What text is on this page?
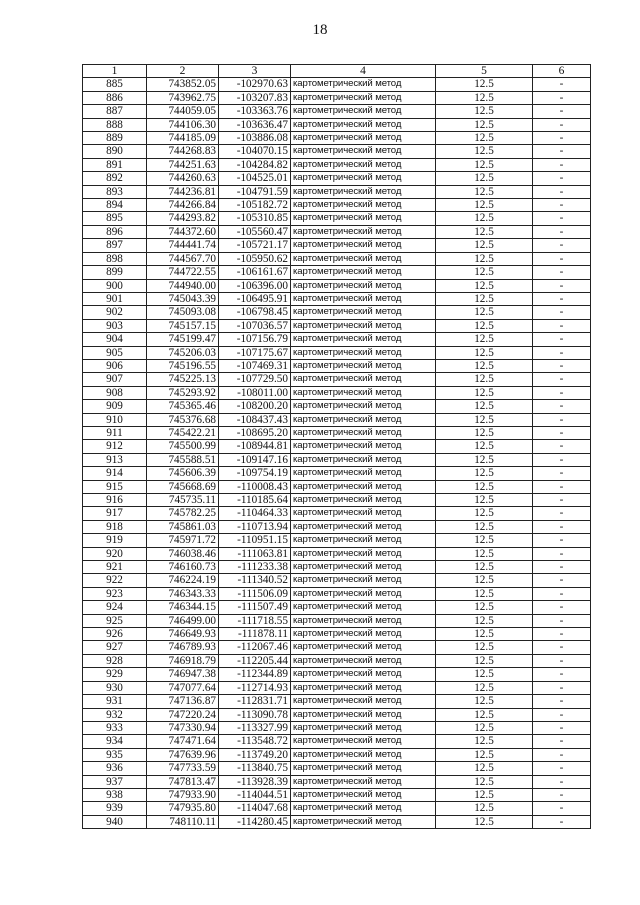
18
1	2	3	4	5	6
885	743852.05	-102970.63	картометрический метод	12.5	-
886	743962.75	-103207.83	картометрический метод	12.5	-
887	744059.05	-103363.76	картометрический метод	12.5	-
888	744106.30	-103636.47	картометрический метод	12.5	-
889	744185.09	-103886.08	картометрический метод	12.5	-
890	744268.83	-104070.15	картометрический метод	12.5	-
891	744251.63	-104284.82	картометрический метод	12.5	-
892	744260.63	-104525.01	картометрический метод	12.5	-
893	744236.81	-104791.59	картометрический метод	12.5	-
894	744266.84	-105182.72	картометрический метод	12.5	-
895	744293.82	-105310.85	картометрический метод	12.5	-
896	744372.60	-105560.47	картометрический метод	12.5	-
897	744441.74	-105721.17	картометрический метод	12.5	-
898	744567.70	-105950.62	картометрический метод	12.5	-
899	744722.55	-106161.67	картометрический метод	12.5	-
900	744940.00	-106396.00	картометрический метод	12.5	-
901	745043.39	-106495.91	картометрический метод	12.5	-
902	745093.08	-106798.45	картометрический метод	12.5	-
903	745157.15	-107036.57	картометрический метод	12.5	-
904	745199.47	-107156.79	картометрический метод	12.5	-
905	745206.03	-107175.67	картометрический метод	12.5	-
906	745196.55	-107469.31	картометрический метод	12.5	-
907	745225.13	-107729.50	картометрический метод	12.5	-
908	745293.92	-108011.00	картометрический метод	12.5	-
909	745365.46	-108200.20	картометрический метод	12.5	-
910	745376.68	-108437.43	картометрический метод	12.5	-
911	745422.21	-108695.20	картометрический метод	12.5	-
912	745500.99	-108944.81	картометрический метод	12.5	-
913	745588.51	-109147.16	картометрический метод	12.5	-
914	745606.39	-109754.19	картометрический метод	12.5	-
915	745668.69	-110008.43	картометрический метод	12.5	-
916	745735.11	-110185.64	картометрический метод	12.5	-
917	745782.25	-110464.33	картометрический метод	12.5	-
918	745861.03	-110713.94	картометрический метод	12.5	-
919	745971.72	-110951.15	картометрический метод	12.5	-
920	746038.46	-111063.81	картометрический метод	12.5	-
921	746160.73	-111233.38	картометрический метод	12.5	-
922	746224.19	-111340.52	картометрический метод	12.5	-
923	746343.33	-111506.09	картометрический метод	12.5	-
924	746344.15	-111507.49	картометрический метод	12.5	-
925	746499.00	-111718.55	картометрический метод	12.5	-
926	746649.93	-111878.11	картометрический метод	12.5	-
927	746789.93	-112067.46	картометрический метод	12.5	-
928	746918.79	-112205.44	картометрический метод	12.5	-
929	746947.38	-112344.89	картометрический метод	12.5	-
930	747077.64	-112714.93	картометрический метод	12.5	-
931	747136.87	-112831.71	картометрический метод	12.5	-
932	747220.24	-113090.78	картометрический метод	12.5	-
933	747330.94	-113327.99	картометрический метод	12.5	-
934	747471.64	-113548.72	картометрический метод	12.5	-
935	747639.96	-113749.20	картометрический метод	12.5	-
936	747733.59	-113840.75	картометрический метод	12.5	-
937	747813.47	-113928.39	картометрический метод	12.5	-
938	747933.90	-114044.51	картометрический метод	12.5	-
939	747935.80	-114047.68	картометрический метод	12.5	-
940	748110.11	-114280.45	картометрический метод	12.5	-
